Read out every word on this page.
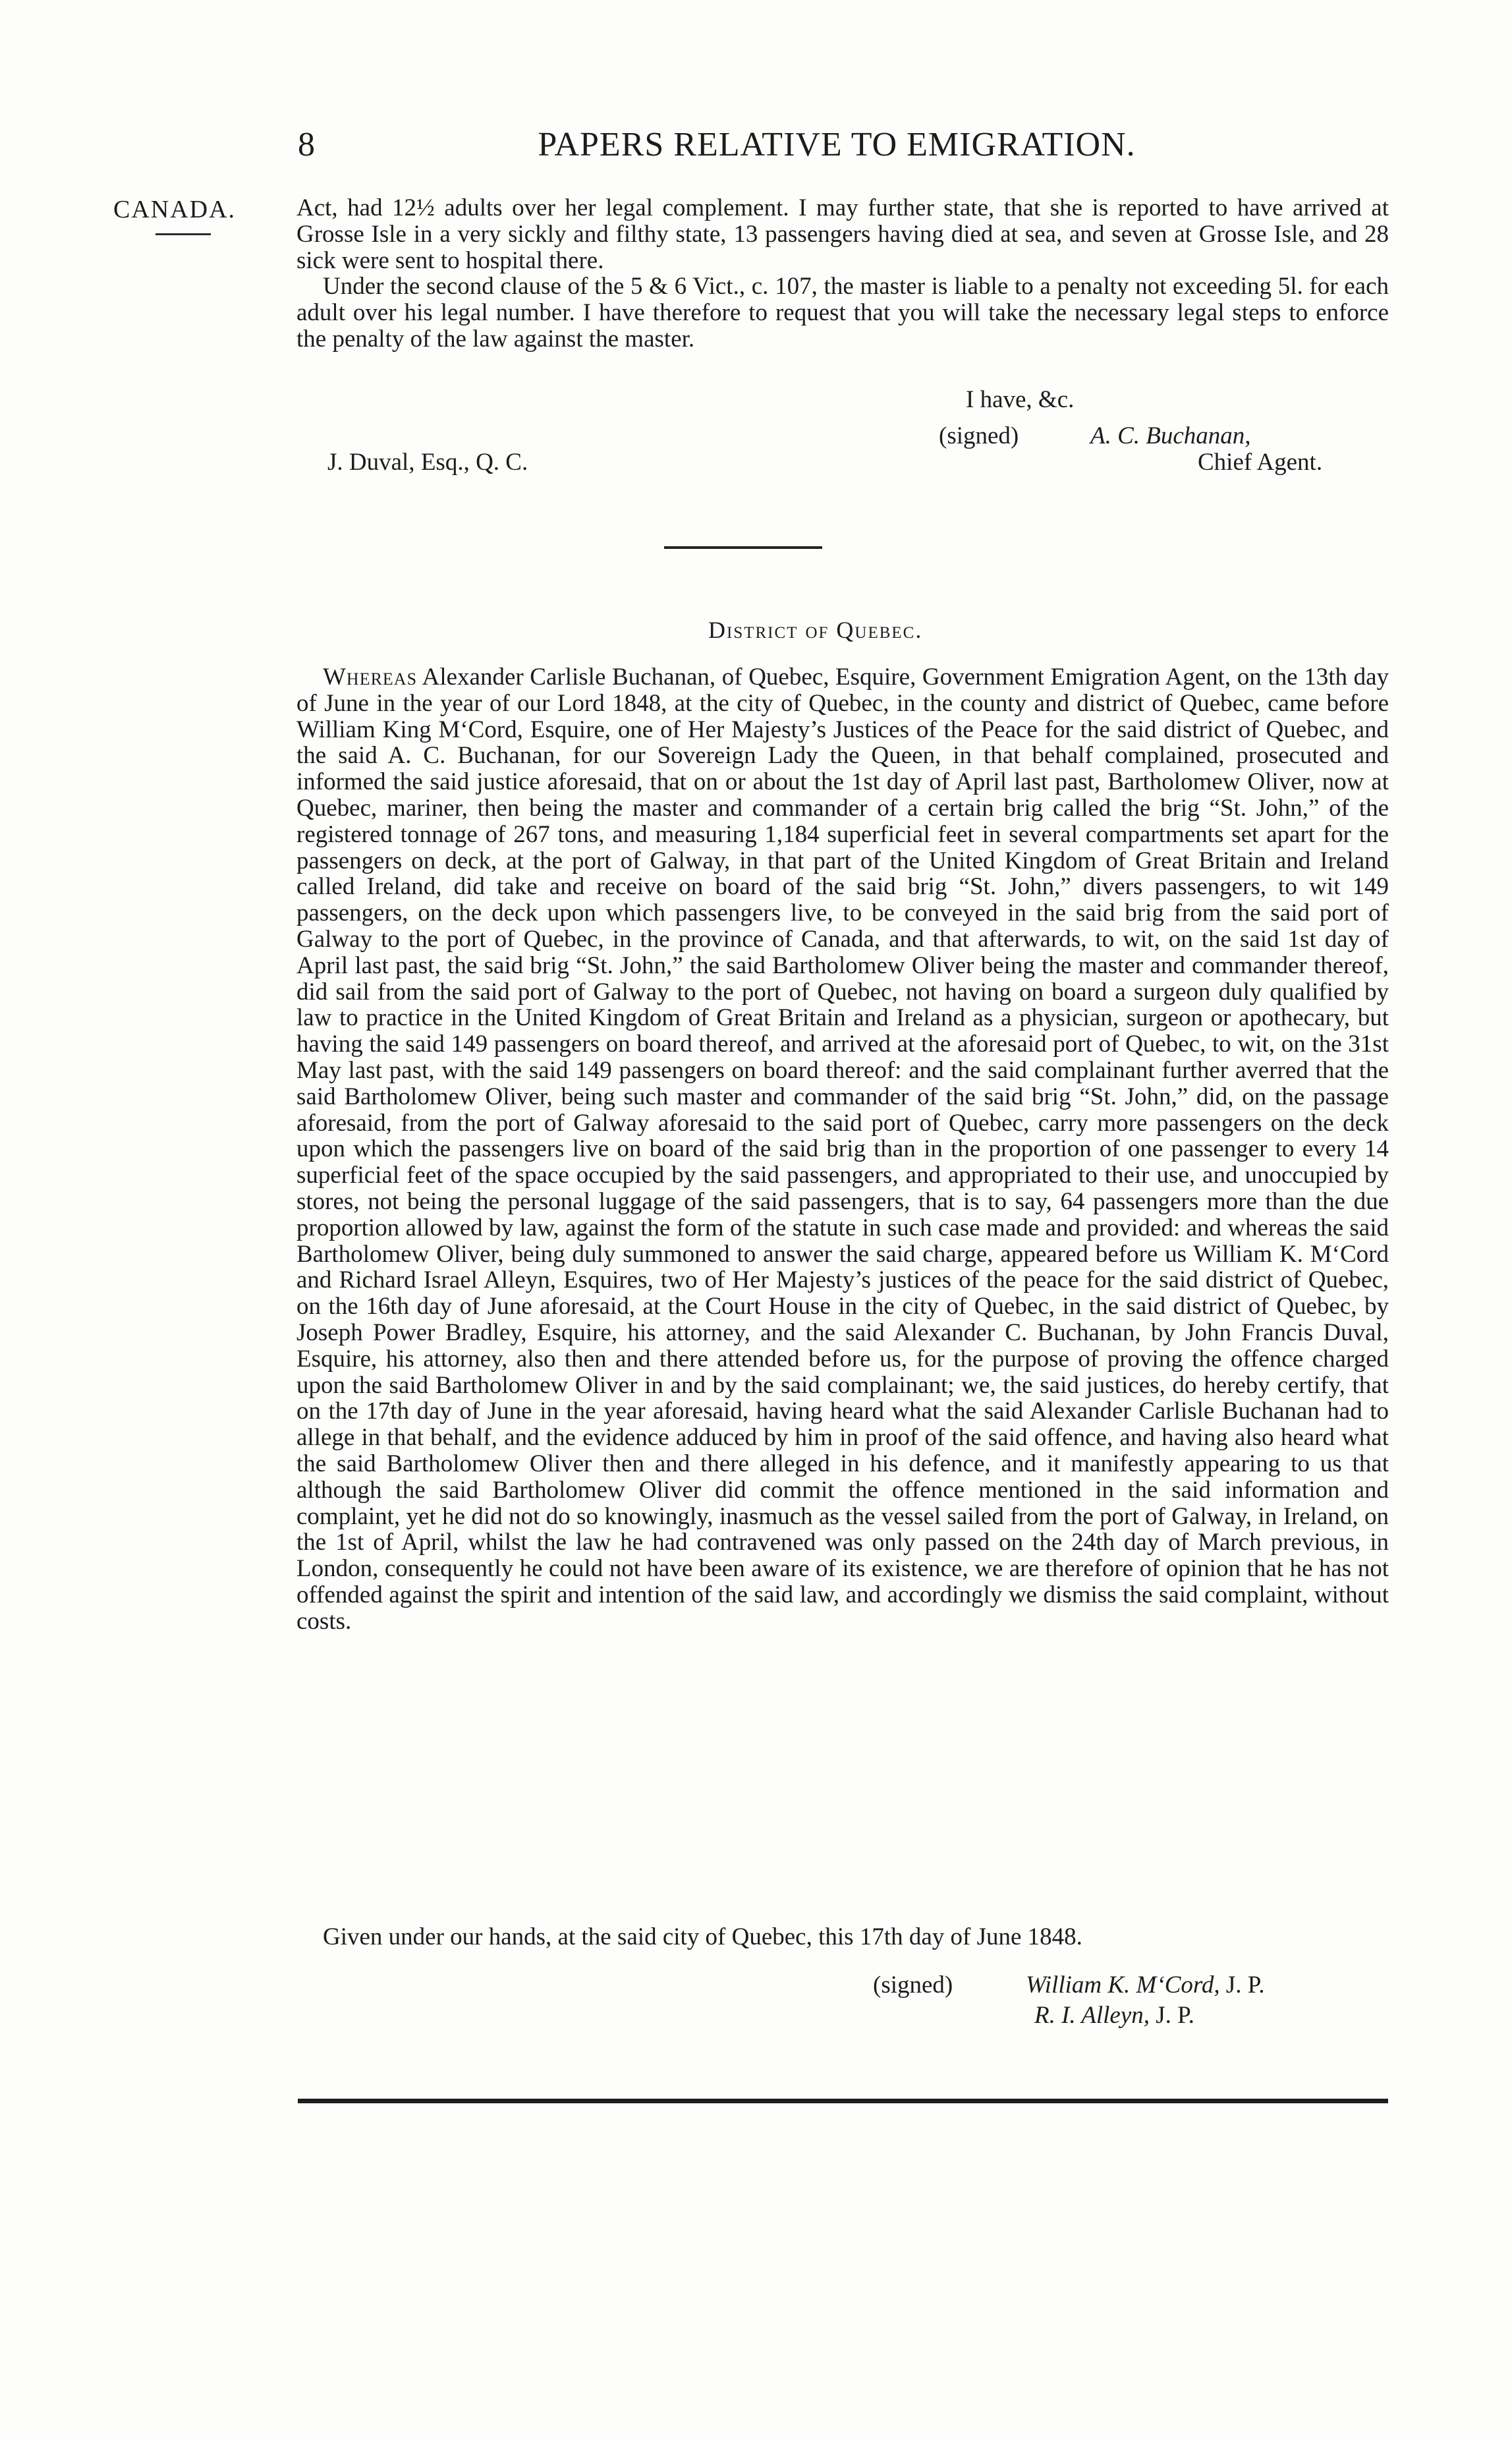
8	PAPERS RELATIVE TO EMIGRATION.
CANADA. Act, had 12½ adults over her legal complement. I may further state, that she is reported to have arrived at Grosse Isle in a very sickly and filthy state, 13 passengers having died at sea, and seven at Grosse Isle, and 28 sick were sent to hospital there.

Under the second clause of the 5 & 6 Vict., c. 107, the master is liable to a penalty not exceeding 5l. for each adult over his legal number. I have therefore to request that you will take the necessary legal steps to enforce the penalty of the law against the master.

I have, &c.
(signed)	A. C. Buchanan,
J. Duval, Esq., Q. C.	Chief Agent.
District of Quebec.

Whereas Alexander Carlisle Buchanan, of Quebec, Esquire, Government Emigration Agent, on the 13th day of June in the year of our Lord 1848, at the city of Quebec, in the county and district of Quebec, came before William King M‘Cord, Esquire, one of Her Majesty’s Justices of the Peace for the said district of Quebec, and the said A. C. Buchanan, for our Sovereign Lady the Queen, in that behalf complained, prosecuted and informed the said justice aforesaid, that on or about the 1st day of April last past, Bartholomew Oliver, now at Quebec, mariner, then being the master and commander of a certain brig called the brig “St. John,” of the registered tonnage of 267 tons, and measuring 1,184 superficial feet in several compartments set apart for the passengers on deck, at the port of Galway, in that part of the United Kingdom of Great Britain and Ireland called Ireland, did take and receive on board of the said brig “St. John,” divers passengers, to wit 149 passengers, on the deck upon which passengers live, to be conveyed in the said brig from the said port of Galway to the port of Quebec, in the province of Canada, and that afterwards, to wit, on the said 1st day of April last past, the said brig “St. John,” the said Bartholomew Oliver being the master and commander thereof, did sail from the said port of Galway to the port of Quebec, not having on board a surgeon duly qualified by law to practice in the United Kingdom of Great Britain and Ireland as a physician, surgeon or apothecary, but having the said 149 passengers on board thereof, and arrived at the aforesaid port of Quebec, to wit, on the 31st May last past, with the said 149 passengers on board thereof: and the said complainant further averred that the said Bartholomew Oliver, being such master and commander of the said brig “St. John,” did, on the passage aforesaid, from the port of Galway aforesaid to the said port of Quebec, carry more passengers on the deck upon which the passengers live on board of the said brig than in the proportion of one passenger to every 14 superficial feet of the space occupied by the said passengers, and appropriated to their use, and unoccupied by stores, not being the personal luggage of the said passengers, that is to say, 64 passengers more than the due proportion allowed by law, against the form of the statute in such case made and provided: and whereas the said Bartholomew Oliver, being duly summoned to answer the said charge, appeared before us William K. M‘Cord and Richard Israel Alleyn, Esquires, two of Her Majesty’s justices of the peace for the said district of Quebec, on the 16th day of June aforesaid, at the Court House in the city of Quebec, in the said district of Quebec, by Joseph Power Bradley, Esquire, his attorney, and the said Alexander C. Buchanan, by John Francis Duval, Esquire, his attorney, also then and there attended before us, for the purpose of proving the offence charged upon the said Bartholomew Oliver in and by the said complainant; we, the said justices, do hereby certify, that on the 17th day of June in the year aforesaid, having heard what the said Alexander Carlisle Buchanan had to allege in that behalf, and the evidence adduced by him in proof of the said offence, and having also heard what the said Bartholomew Oliver then and there alleged in his defence, and it manifestly appearing to us that although the said Bartholomew Oliver did commit the offence mentioned in the said information and complaint, yet he did not do so knowingly, inasmuch as the vessel sailed from the port of Galway, in Ireland, on the 1st of April, whilst the law he had contravened was only passed on the 24th day of March previous, in London, consequently he could not have been aware of its existence, we are therefore of opinion that he has not offended against the spirit and intention of the said law, and accordingly we dismiss the said complaint, without costs.

Given under our hands, at the said city of Quebec, this 17th day of June 1848.
(signed)	William K. M‘Cord, J. P.
R. I. Alleyn, J. P.
